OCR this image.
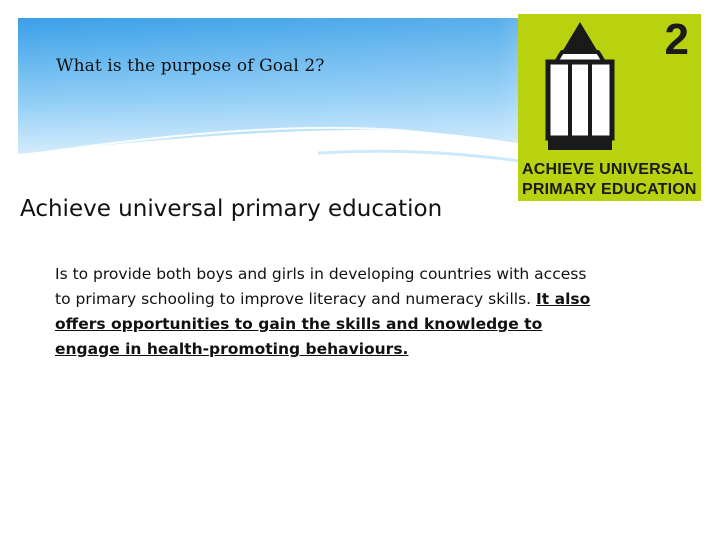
What is the purpose of Goal 2?
2
ACHIEVE UNIVERSAL
PRIMARY EDUCATION
Achieve universal primary education
Is to provide both boys and girls in developing countries with access to primary schooling to improve literacy and numeracy skills. It also offers opportunities to gain the skills and knowledge to engage in health-promoting behaviours.
